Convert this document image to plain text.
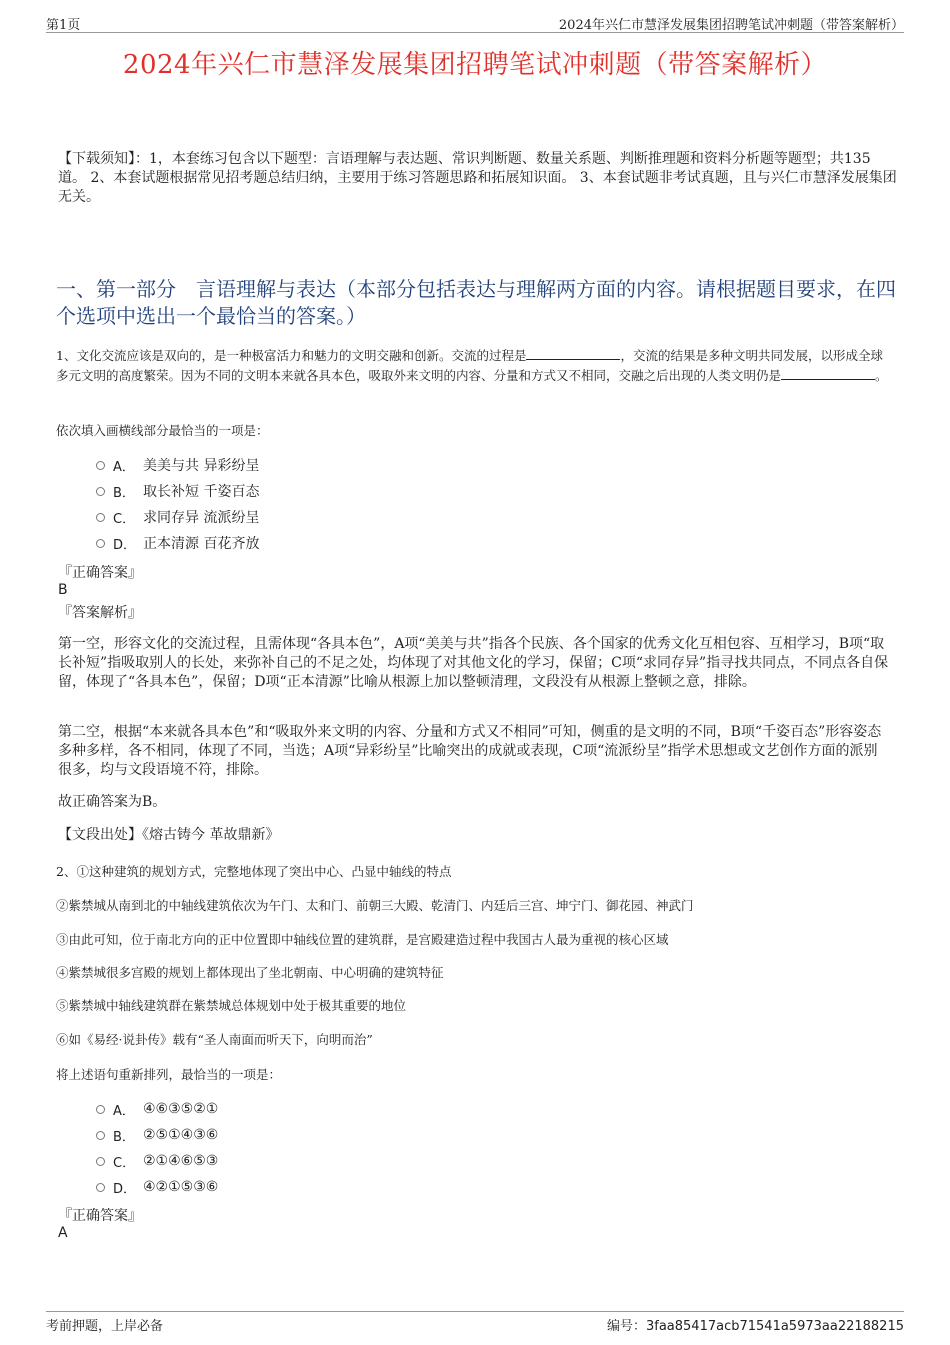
第1页	2024年兴仁市慧泽发展集团招聘笔试冲刺题（带答案解析）
2024年兴仁市慧泽发展集团招聘笔试冲刺题（带答案解析）
【下载须知】：1，本套练习包含以下题型：言语理解与表达题、常识判断题、数量关系题、判断推理题和资料分析题等题型；共135道。 2、本套试题根据常见招考题总结归纳，主要用于练习答题思路和拓展知识面。 3、本套试题非考试真题，且与兴仁市慧泽发展集团无关。
一、第一部分　言语理解与表达（本部分包括表达与理解两方面的内容。请根据题目要求，在四个选项中选出一个最恰当的答案。）
1、文化交流应该是双向的，是一种极富活力和魅力的文明交融和创新。交流的过程是	，交流的结果是多种文明共同发展，以形成全球多元文明的高度繁荣。因为不同的文明本来就各具本色，吸取外来文明的内容、分量和方式又不相同，交融之后出现的人类文明仍是	。
依次填入画横线部分最恰当的一项是：
A． 美美与共 异彩纷呈
B． 取长补短 千姿百态
C． 求同存异 流派纷呈
D． 正本清源 百花齐放
『正确答案』
B
『答案解析』
第一空，形容文化的交流过程，且需体现“各具本色”，A项“美美与共”指各个民族、各个国家的优秀文化互相包容、互相学习，B项“取长补短”指吸取别人的长处，来弥补自己的不足之处，均体现了对其他文化的学习，保留；C项“求同存异”指寻找共同点，不同点各自保留，体现了“各具本色”，保留；D项“正本清源”比喻从根源上加以整顿清理，文段没有从根源上整顿之意，排除。
第二空，根据“本来就各具本色”和“吸取外来文明的内容、分量和方式又不相同”可知，侧重的是文明的不同，B项“千姿百态”形容姿态多种多样，各不相同，体现了不同，当选；A项“异彩纷呈”比喻突出的成就或表现，C项“流派纷呈”指学术思想或文艺创作方面的派别很多，均与文段语境不符，排除。
故正确答案为B。
【文段出处】《熔古铸今 革故鼎新》
2、①这种建筑的规划方式，完整地体现了突出中心、凸显中轴线的特点
②紫禁城从南到北的中轴线建筑依次为午门、太和门、前朝三大殿、乾清门、内廷后三宫、坤宁门、御花园、神武门
③由此可知，位于南北方向的正中位置即中轴线位置的建筑群，是宫殿建造过程中我国古人最为重视的核心区域
④紫禁城很多宫殿的规划上都体现出了坐北朝南、中心明确的建筑特征
⑤紫禁城中轴线建筑群在紫禁城总体规划中处于极其重要的地位
⑥如《易经·说卦传》载有“圣人南面而听天下，向明而治”
将上述语句重新排列，最恰当的一项是：
A． ④⑥③⑤②①
B． ②⑤①④③⑥
C． ②①④⑥⑤③
D． ④②①⑤③⑥
『正确答案』
A
考前押题，上岸必备	编号：3faa85417acb71541a5973aa22188215
